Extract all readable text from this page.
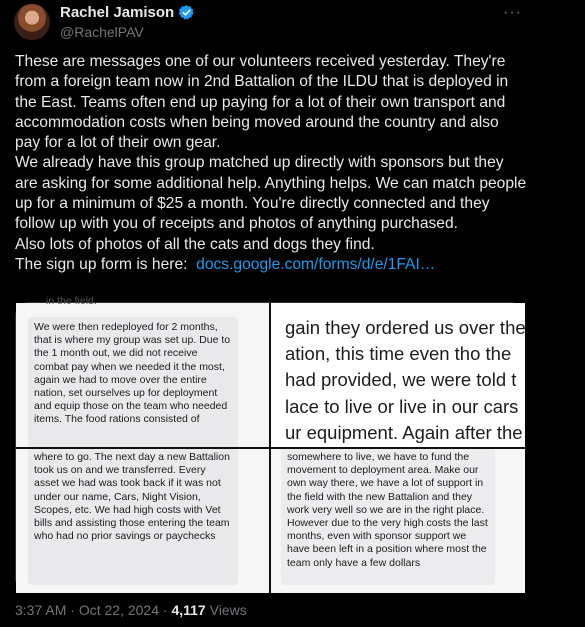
Rachel Jamison
@RachelPAV
···

These are messages one of our volunteers received yesterday. They're from a foreign team now in 2nd Battalion of the ILDU that is deployed in the East. Teams often end up paying for a lot of their own transport and accommodation costs when being moved around the country and also pay for a lot of their own gear.

We already have this group matched up directly with sponsors but they are asking for some additional help. Anything helps. We can match people up for a minimum of $25 a month. You're directly connected and they follow up with you of receipts and photos of anything purchased.

Also lots of photos of all the cats and dogs they find.

The sign up form is here: docs.google.com/forms/d/e/1FAI…

in the field.
We were then redeployed for 2 months, that is where my group was set up. Due to the 1 month out, we did not receive combat pay when we needed it the most, again we had to move over the entire nation, set ourselves up for deployment and equip those on the team who needed items. The food rations consisted of
gain they ordered us over the
ation, this time even tho the
had provided, we were told t
lace to live or live in our cars
ur equipment. Again after the
where to go. The next day a new Battalion took us on and we transferred. Every asset we had was took back if it was not under our name, Cars, Night Vision, Scopes, etc. We had high costs with Vet bills and assisting those entering the team who had no prior savings or paychecks
somewhere to live, we have to fund the movement to deployment area. Make our own way there, we have a lot of support in the field with the new Battalion and they work very well so we are in the right place. However due to the very high costs the last months, even with sponsor support we have been left in a position where most the team only have a few dollars
3:37 AM · Oct 22, 2024 · 4,117 Views
